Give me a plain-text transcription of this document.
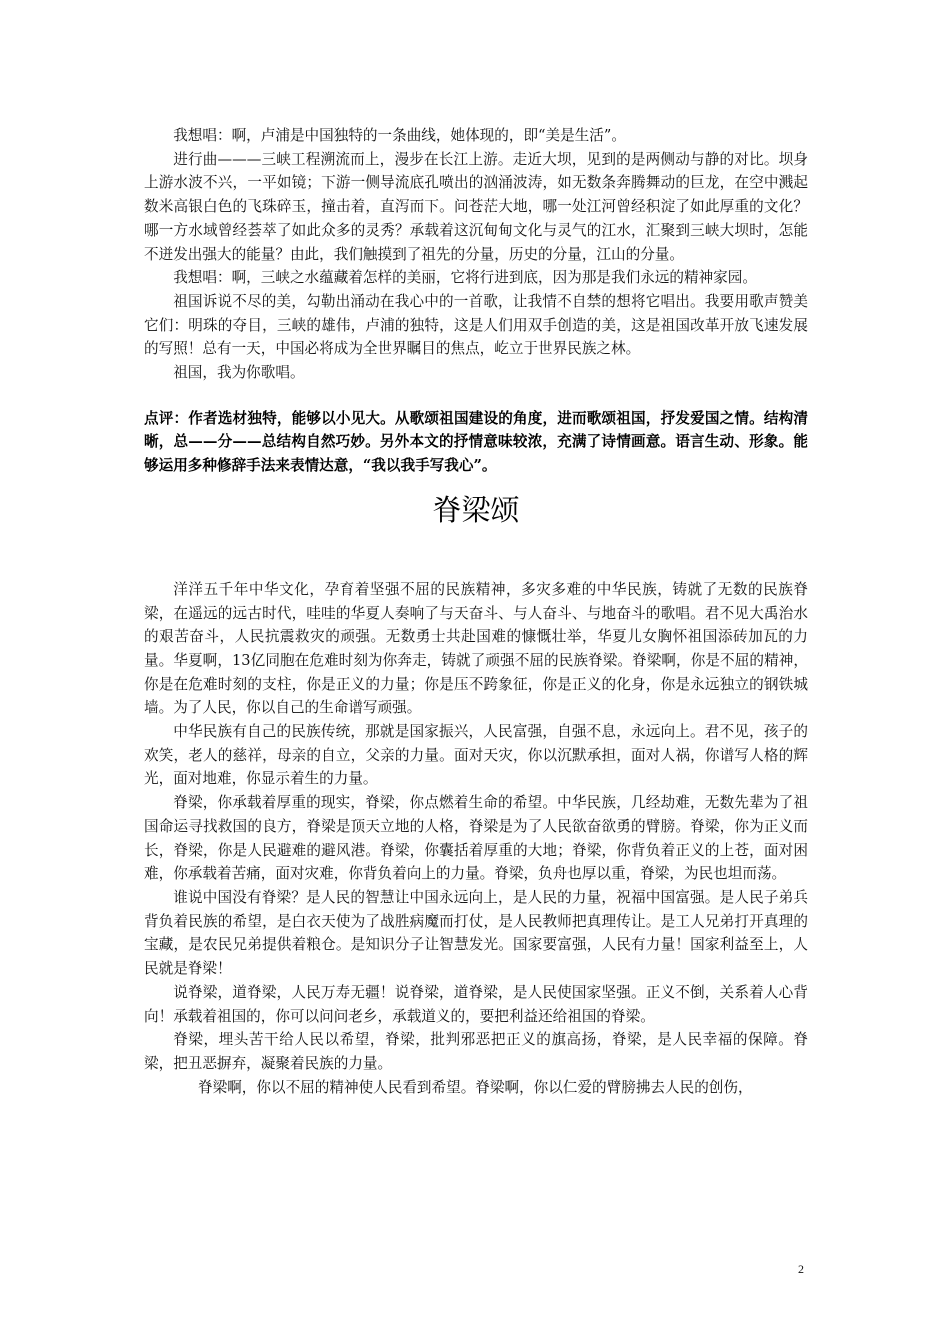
我想唱：啊，卢浦是中国独特的一条曲线，她体现的，即“美是生活”。

进行曲———三峡工程溯流而上，漫步在长江上游。走近大坝，见到的是两侧动与静的对比。坝身上游水波不兴，一平如镜；下游一侧导流底孔喷出的汹涌波涛，如无数条奔腾舞动的巨龙，在空中溅起数米高银白色的飞珠碎玉，撞击着，直泻而下。问苍茫大地，哪一处江河曾经积淀了如此厚重的文化？哪一方水域曾经荟萃了如此众多的灵秀？承载着这沉甸甸文化与灵气的江水，汇聚到三峡大坝时，怎能不迸发出强大的能量？由此，我们触摸到了祖先的分量，历史的分量，江山的分量。

我想唱：啊，三峡之水蕴藏着怎样的美丽，它将行进到底，因为那是我们永远的精神家园。

祖国诉说不尽的美，勾勒出涌动在我心中的一首歌，让我情不自禁的想将它唱出。我要用歌声赞美它们：明珠的夺目，三峡的雄伟，卢浦的独特，这是人们用双手创造的美，这是祖国改革开放飞速发展的写照！总有一天，中国必将成为全世界瞩目的焦点，屹立于世界民族之林。

祖国，我为你歌唱。

点评：作者选材独特，能够以小见大。从歌颂祖国建设的角度，进而歌颂祖国，抒发爱国之情。结构清晰，总——分——总结构自然巧妙。另外本文的抒情意味较浓，充满了诗情画意。语言生动、形象。能够运用多种修辞手法来表情达意，“我以我手写我心”。
脊梁颂

洋洋五千年中华文化，孕育着坚强不屈的民族精神，多灾多难的中华民族，铸就了无数的民族脊梁，在遥远的远古时代，哇哇的华夏人奏响了与天奋斗、与人奋斗、与地奋斗的歌唱。君不见大禹治水的艰苦奋斗，人民抗震救灾的顽强。无数勇士共赴国难的慷慨壮举，华夏儿女胸怀祖国添砖加瓦的力量。华夏啊，13亿同胞在危难时刻为你奔走，铸就了顽强不屈的民族脊梁。脊梁啊，你是不屈的精神，你是在危难时刻的支柱，你是正义的力量；你是压不跨象征，你是正义的化身，你是永远独立的钢铁城墙。为了人民，你以自己的生命谱写顽强。

中华民族有自己的民族传统，那就是国家振兴，人民富强，自强不息，永远向上。君不见，孩子的欢笑，老人的慈祥，母亲的自立，父亲的力量。面对天灾，你以沉默承担，面对人祸，你谱写人格的辉光，面对地难，你显示着生的力量。

脊梁，你承载着厚重的现实，脊梁，你点燃着生命的希望。中华民族，几经劫难，无数先辈为了祖国命运寻找救国的良方，脊梁是顶天立地的人格，脊梁是为了人民欲奋欲勇的臂膀。脊梁，你为正义而长，脊梁，你是人民避难的避风港。脊梁，你囊括着厚重的大地；脊梁，你背负着正义的上苍，面对困难，你承载着苦痛，面对灾难，你背负着向上的力量。脊梁，负舟也厚以重，脊梁，为民也坦而荡。

谁说中国没有脊梁？是人民的智慧让中国永远向上，是人民的力量，祝福中国富强。是人民子弟兵背负着民族的希望，是白衣天使为了战胜病魔而打仗，是人民教师把真理传让。是工人兄弟打开真理的宝藏，是农民兄弟提供着粮仓。是知识分子让智慧发光。国家要富强，人民有力量！国家利益至上，人民就是脊梁！

说脊梁，道脊梁，人民万寿无疆！说脊梁，道脊梁，是人民使国家坚强。正义不倒，关系着人心背向！承载着祖国的，你可以问问老乡，承载道义的，要把利益还给祖国的脊梁。

脊梁，埋头苦干给人民以希望，脊梁，批判邪恶把正义的旗高扬，脊梁，是人民幸福的保障。脊梁，把丑恶摒弃，凝聚着民族的力量。

脊梁啊，你以不屈的精神使人民看到希望。脊梁啊，你以仁爱的臂膀拂去人民的创伤，

2
